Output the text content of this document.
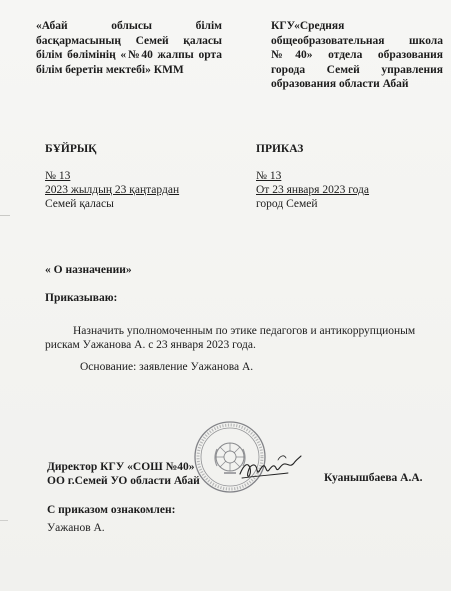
«Абай облысы білім
басқармасының Семей қаласы
білім бөлімінің «№40 жалпы орта
білім беретін мектебі» КММ
КГУ«Средняя
общеобразовательная школа
№40» отдела образования
города Семей управления
образования области Абай
БҰЙРЫҚ
№ 13
2023 жылдың 23 қаңтардан
Семей қаласы
ПРИКАЗ
№ 13
От 23 января 2023 года
город Семей
« О назначении»
Приказываю:
Назначить уполномоченным по этике педагогов и антикоррупционым
рискам Уажанова А. с 23 января 2023 года.
Основание: заявление Уажанова А.
Директор КГУ «СОШ №40»
ОО г.Семей УО области Абай	Куанышбаева А.А.
С приказом ознакомлен:
Уажанов А.
